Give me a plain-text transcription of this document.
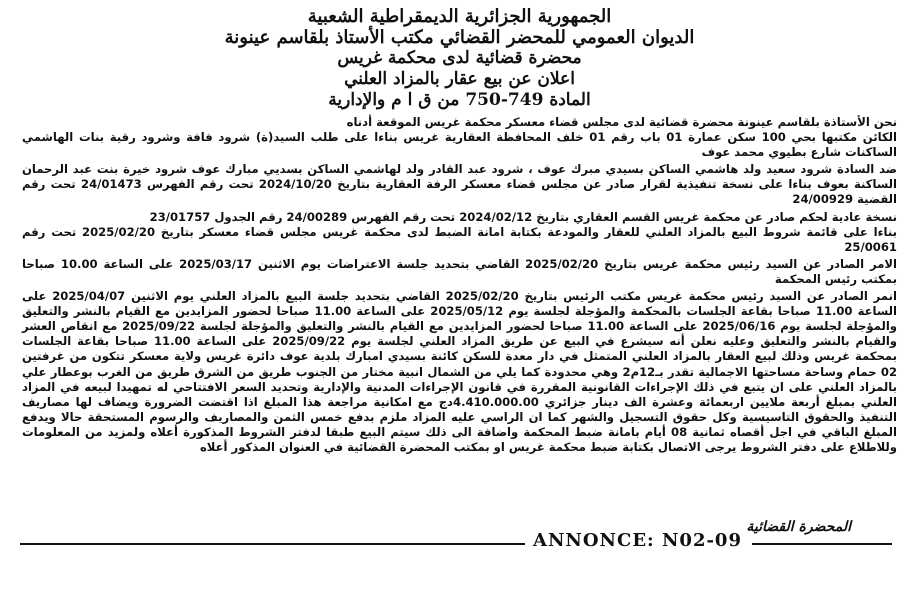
الجمهورية الجزائرية الديمقراطية الشعبية
الديوان العمومي للمحضر القضائي مكتب الأستاذ بلقاسم عينونة
محضرة قضائية لدى محكمة غريس
اعلان عن بيع عقار بالمزاد العلني
المادة 749-750 من ق ا م والإدارية

نحن الأستاذة بلقاسم عينونة محضرة قضائية لدى مجلس قضاء معسكر محكمة غريس الموقعة أدناه

الكائن مكتبها بحي 100 سكن عمارة 01 باب رقم 01 خلف المحافظة العقارية غريس بناءا على طلب السيد(ة) شرود فافة وشرود رقية بنات الهاشمي الساكنات شارع بطيوي محمد عوف

ضد السادة شرود سعيد ولد هاشمي الساكن بسيدي مبرك عوف ، شرود عبد القادر ولد لهاشمي الساكن بسديي مبارك عوف شرود خيرة بنت عبد الرحمان الساكنة بعوف بناءا على نسخة تنفيذية لقرار صادر عن مجلس قضاء معسكر الرفة العقارية بتاريخ 2024/10/20 تحت رقم الفهرس 24/01473 تحت رقم القضية 24/00929

نسخة عادية لحكم صادر عن محكمة غريس القسم العقاري بتاريخ 2024/02/12 تحت رقم الفهرس 24/00289 رقم الجدول 23/01757

بناءا على قائمة شروط البيع بالمزاد العلني للعقار والمودعة بكتابة امانة الضبط لدى محكمة غريس مجلس قضاء معسكر بتاريخ 2025/02/20 تحت رقم 25/0061

الامر الصادر عن السيد رئيس محكمة غريس بتاريخ 2025/02/20 القاضي بتحديد جلسة الاعتراضات يوم الاثنين 2025/03/17 على الساعة 10.00 صباحا بمكتب رئيس المحكمة

انمر الصادر عن السيد رئيس محكمة غريس مكتب الرئيس بتاريخ 2025/02/20 القاضي بتحديد جلسة البيع بالمزاد العلني يوم الاثنين 2025/04/07 على الساعة 11.00 صباحا بقاعة الجلسات بالمحكمة والمؤجلة لجلسة يوم 2025/05/12 على الساعة 11.00 صباحا لحضور المزايدين مع القيام بالنشر والتعليق والمؤجلة لجلسة يوم 2025/06/16 على الساعة 11.00 صباحا لحضور المزايدين مع القيام بالنشر والتعليق والمؤجلة لجلسة 2025/09/22 مع انقاص العشر والقيام بالنشر والتعليق وعليه نعلن أنه سيشرع في البيع عن طريق المزاد العلني لجلسة يوم 2025/09/22 على الساعة 11.00 صباحا بقاعة الجلسات بمحكمة غريس وذلك لبيع العقار بالمزاد العلني المتمثل في دار معدة للسكن كائنة بسيدي امبارك بلدية عوف دائرة غريس ولاية معسكر تتكون من غرفتين 02 حمام وساحة مساحتها الاجمالية تقدر بـ12م2 وهي محدودة كما يلي من الشمال انبية مختار من الجنوب طريق من الشرق طريق من الغرب بوعطار علي بالمزاد العلني على ان يتبع في ذلك الإجراءات القانونية المقررة في قانون الإجراءات المدنية والإدارية وتحديد السعر الافتتاحي له تمهيدا لبيعه في المزاد العلني بمبلغ أربعة ملايين اربعمائة وعشرة الف دينار جزائري 4.410.000.00دج مع امكانية مراجعة هذا المبلغ اذا اقتضت الضرورة ويضاف لها مصاريف التنفيذ والحقوق التاسيسية وكل حقوق التسجيل والشهر كما ان الراسي عليه المزاد ملزم بدفع خمس الثمن والمصاريف والرسوم المستحقة حالا ويدفع المبلغ الباقي في اجل أقصاه ثمانية 08 أيام بامانة ضبط المحكمة واضافة الى ذلك سيتم البيع طبقا لدفتر الشروط المذكورة أعلاه ولمزيد من المعلومات وللاطلاع على دفتر الشروط يرجى الاتصال بكتابة ضبط محكمة غريس او بمكتب المحضرة القضائية في العنوان المذكور أعلاه

المحضرة القضائية
ANNONCE: N02-09
